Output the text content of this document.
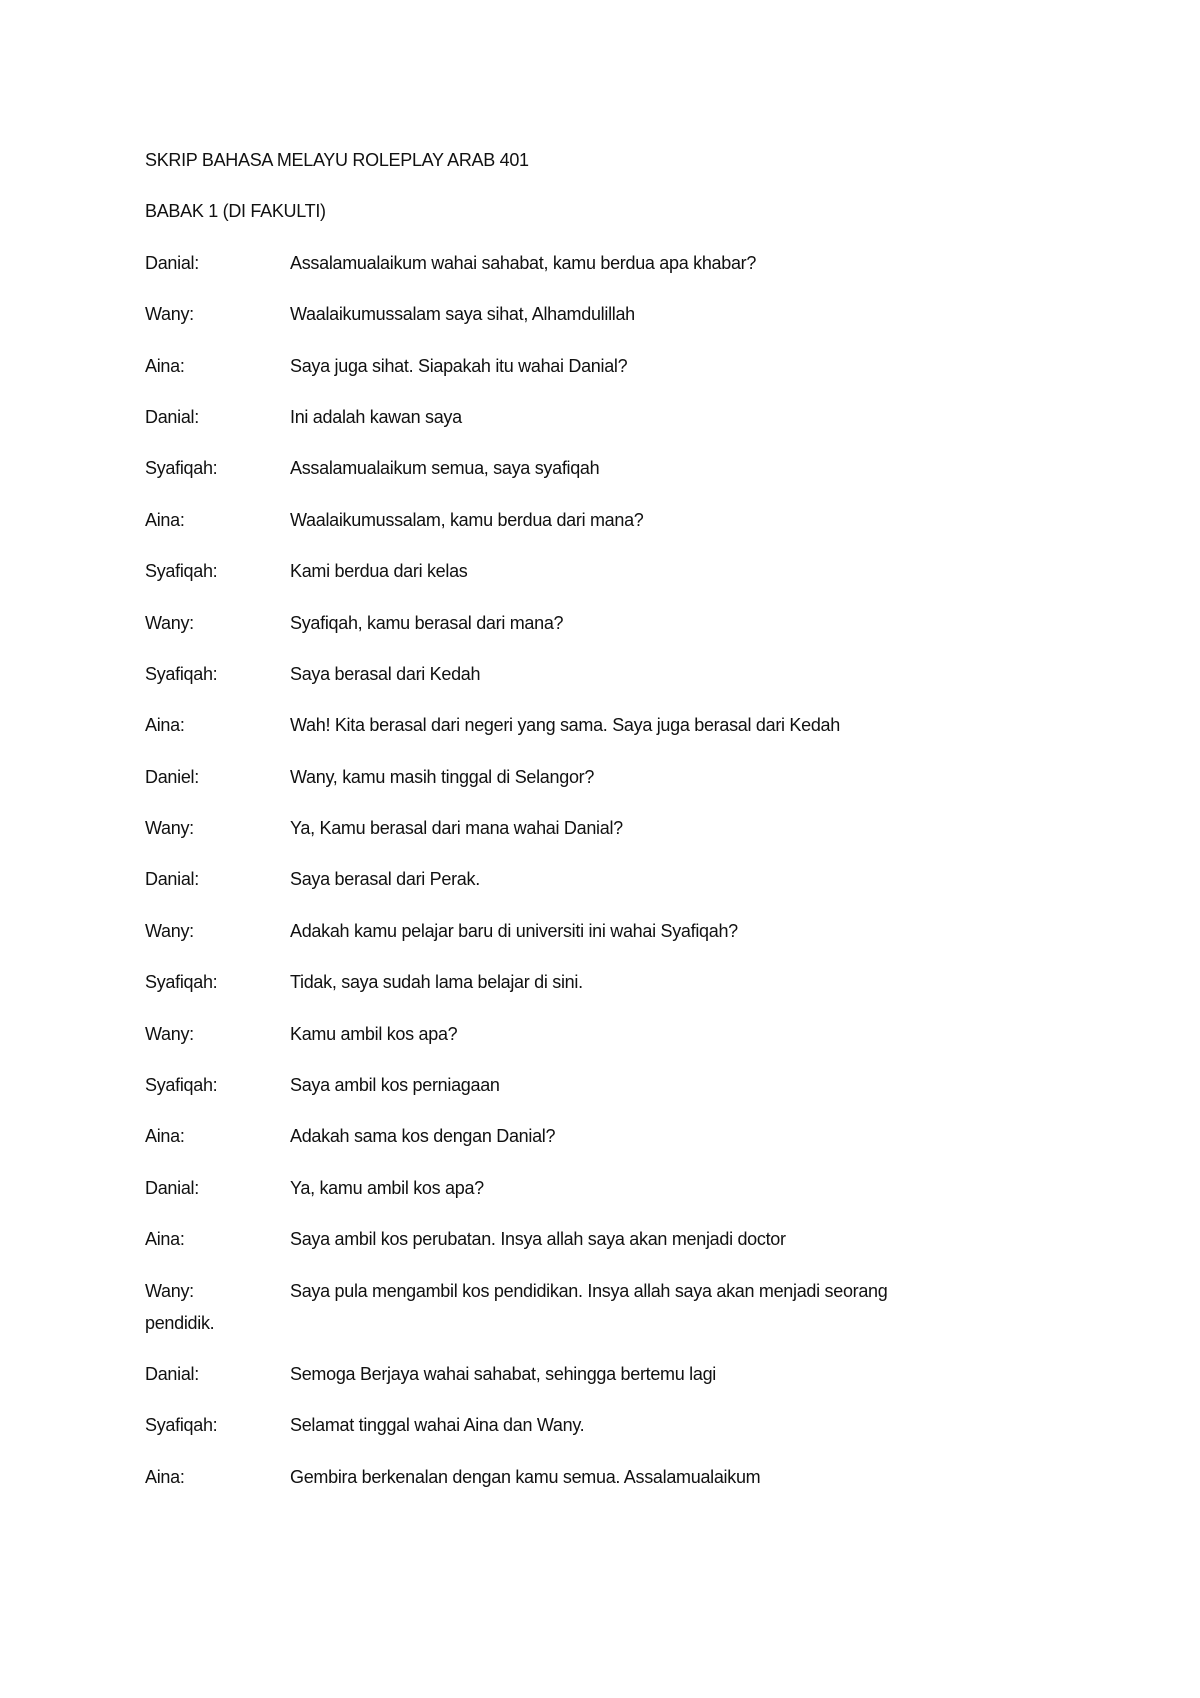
SKRIP BAHASA MELAYU ROLEPLAY ARAB 401

BABAK 1 (DI FAKULTI)

Danial:	Assalamualaikum wahai sahabat, kamu berdua apa khabar?

Wany:	Waalaikumussalam saya sihat, Alhamdulillah

Aina:	Saya juga sihat. Siapakah itu wahai Danial?

Danial:	Ini adalah kawan saya

Syafiqah:	Assalamualaikum semua, saya syafiqah

Aina:	Waalaikumussalam, kamu berdua dari mana?

Syafiqah:	Kami berdua dari kelas

Wany:	Syafiqah, kamu berasal dari mana?

Syafiqah:	Saya berasal dari Kedah

Aina:	Wah! Kita berasal dari negeri yang sama. Saya juga berasal dari Kedah

Daniel:	Wany, kamu masih tinggal di Selangor?

Wany:	Ya, Kamu berasal dari mana wahai Danial?

Danial:	Saya berasal dari Perak.

Wany:	Adakah kamu pelajar baru di universiti ini wahai Syafiqah?

Syafiqah:	Tidak, saya sudah lama belajar di sini.

Wany:	Kamu ambil kos apa?

Syafiqah:	Saya ambil kos perniagaan

Aina:	Adakah sama kos dengan Danial?

Danial:	Ya, kamu ambil kos apa?

Aina:	Saya ambil kos perubatan. Insya allah saya akan menjadi doctor

Wany:	Saya pula mengambil kos pendidikan. Insya allah saya akan menjadi seorang
pendidik.

Danial:	Semoga Berjaya wahai sahabat, sehingga bertemu lagi

Syafiqah:	Selamat tinggal wahai Aina dan Wany.

Aina:	Gembira berkenalan dengan kamu semua. Assalamualaikum
